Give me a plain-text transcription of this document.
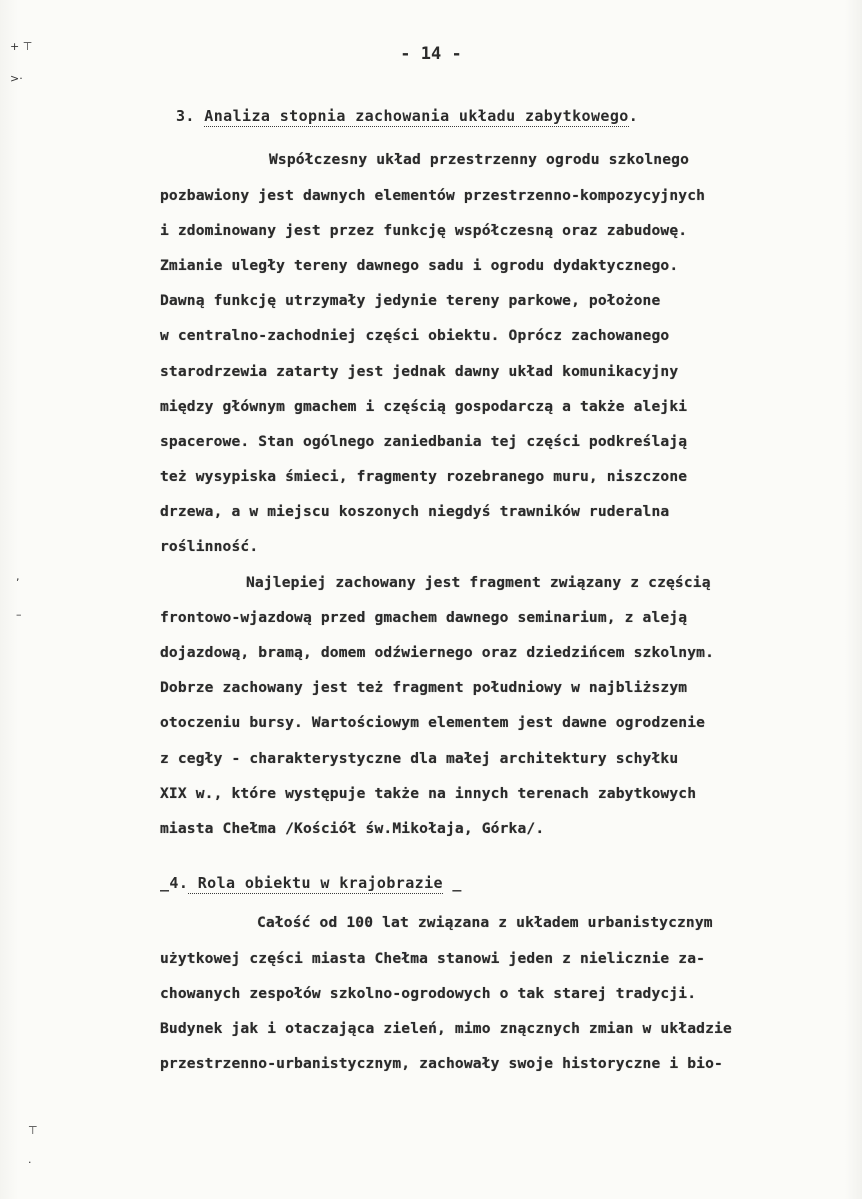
+ ⊤
>·
,
–
⊤
·
- 14 -
3. Analiza stopnia zachowania układu zabytkowego.
Współczesny układ przestrzenny ogrodu szkolnego
pozbawiony jest dawnych elementów przestrzenno-kompozycyjnych
i zdominowany jest przez funkcję współczesną oraz zabudowę.
Zmianie uległy tereny dawnego sadu i ogrodu dydaktycznego.
Dawną funkcję utrzymały jedynie tereny parkowe, położone
w centralno-zachodniej części obiektu. Oprócz zachowanego
starodrzewia zatarty jest jednak dawny układ komunikacyjny
między głównym gmachem i częścią gospodarczą a także alejki
spacerowe. Stan ogólnego zaniedbania tej części podkreślają
też wysypiska śmieci, fragmenty rozebranego muru, niszczone
drzewa, a w miejscu koszonych niegdyś trawników ruderalna
roślinność.
Najlepiej zachowany jest fragment związany z częścią
frontowo-wjazdową przed gmachem dawnego seminarium, z aleją
dojazdową, bramą, domem odźwiernego oraz dziedzińcem szkolnym.
Dobrze zachowany jest też fragment południowy w najbliższym
otoczeniu bursy. Wartościowym elementem jest dawne ogrodzenie
z cegły - charakterystyczne dla małej architektury schyłku
XIX w., które występuje także na innych terenach zabytkowych
miasta Chełma /Kościół św.Mikołaja, Górka/.
_4. Rola obiektu w krajobrazie _
Całość od 100 lat związana z układem urbanistycznym
użytkowej części miasta Chełma stanowi jeden z nielicznie za-
chowanych zespołów szkolno-ogrodowych o tak starej tradycji.
Budynek jak i otaczająca zieleń, mimo znącznych zmian w układzie
przestrzenno-urbanistycznym, zachowały swoje historyczne i bio-
